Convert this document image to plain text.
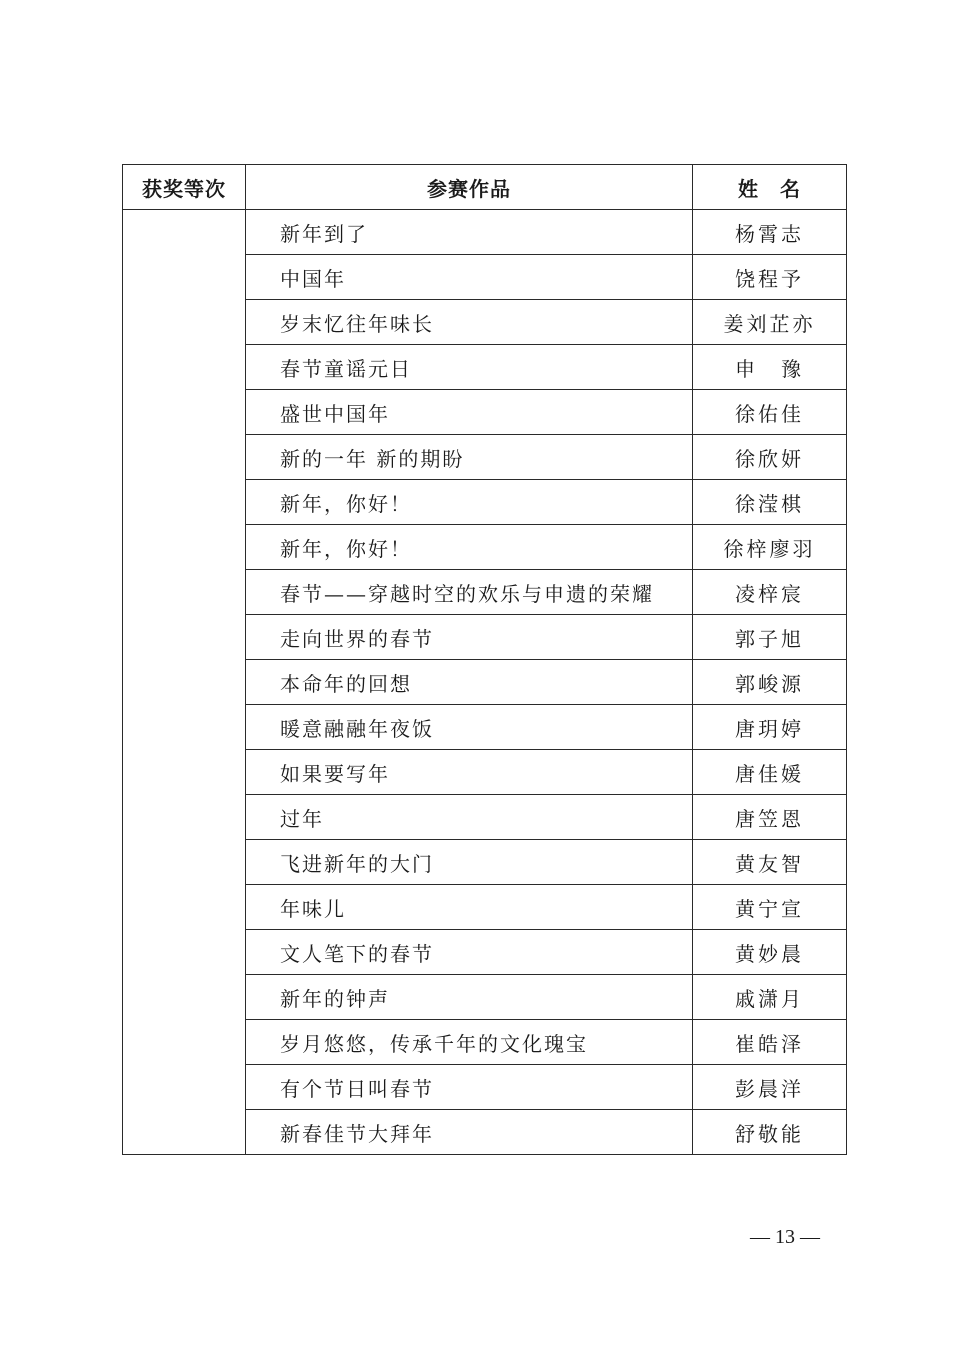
获奖等次	参赛作品	姓　名
	新年到了	杨霄志
	中国年	饶程予
	岁末忆往年味长	姜刘芷亦
	春节童谣元日	申　豫
	盛世中国年	徐佑佳
	新的一年 新的期盼	徐欣妍
	新年，你好！	徐滢棋
	新年，你好！	徐梓廖羽
	春节——穿越时空的欢乐与申遗的荣耀	凌梓宸
	走向世界的春节	郭子旭
	本命年的回想	郭峻源
	暖意融融年夜饭	唐玥婷
	如果要写年	唐佳媛
	过年	唐笠恩
	飞进新年的大门	黄友智
	年味儿	黄宁宣
	文人笔下的春节	黄妙晨
	新年的钟声	戚潇月
	岁月悠悠，传承千年的文化瑰宝	崔皓泽
	有个节日叫春节	彭晨洋
	新春佳节大拜年	舒敬能
— 13 —
